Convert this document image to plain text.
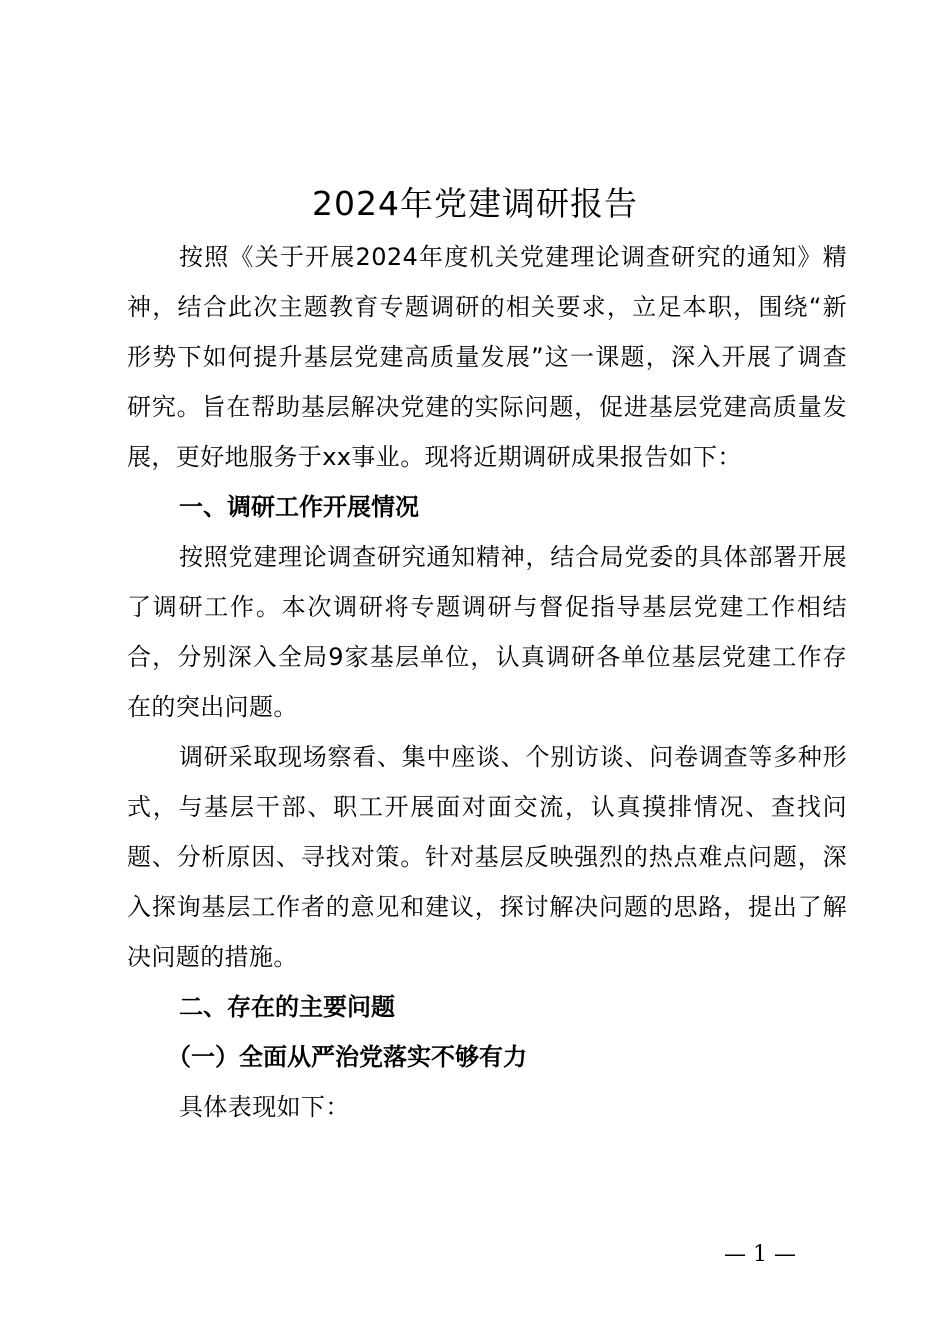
2024年党建调研报告

按照《关于开展2024年度机关党建理论调查研究的通知》精神，结合此次主题教育专题调研的相关要求，立足本职，围绕“新形势下如何提升基层党建高质量发展”这一课题，深入开展了调查研究。旨在帮助基层解决党建的实际问题，促进基层党建高质量发展，更好地服务于xx事业。现将近期调研成果报告如下：

一、调研工作开展情况

按照党建理论调查研究通知精神，结合局党委的具体部署开展了调研工作。本次调研将专题调研与督促指导基层党建工作相结合，分别深入全局9家基层单位，认真调研各单位基层党建工作存在的突出问题。

调研采取现场察看、集中座谈、个别访谈、问卷调查等多种形式，与基层干部、职工开展面对面交流，认真摸排情况、查找问题、分析原因、寻找对策。针对基层反映强烈的热点难点问题，深入探询基层工作者的意见和建议，探讨解决问题的思路，提出了解决问题的措施。

二、存在的主要问题

（一）全面从严治党落实不够有力

具体表现如下：

— 1 —
